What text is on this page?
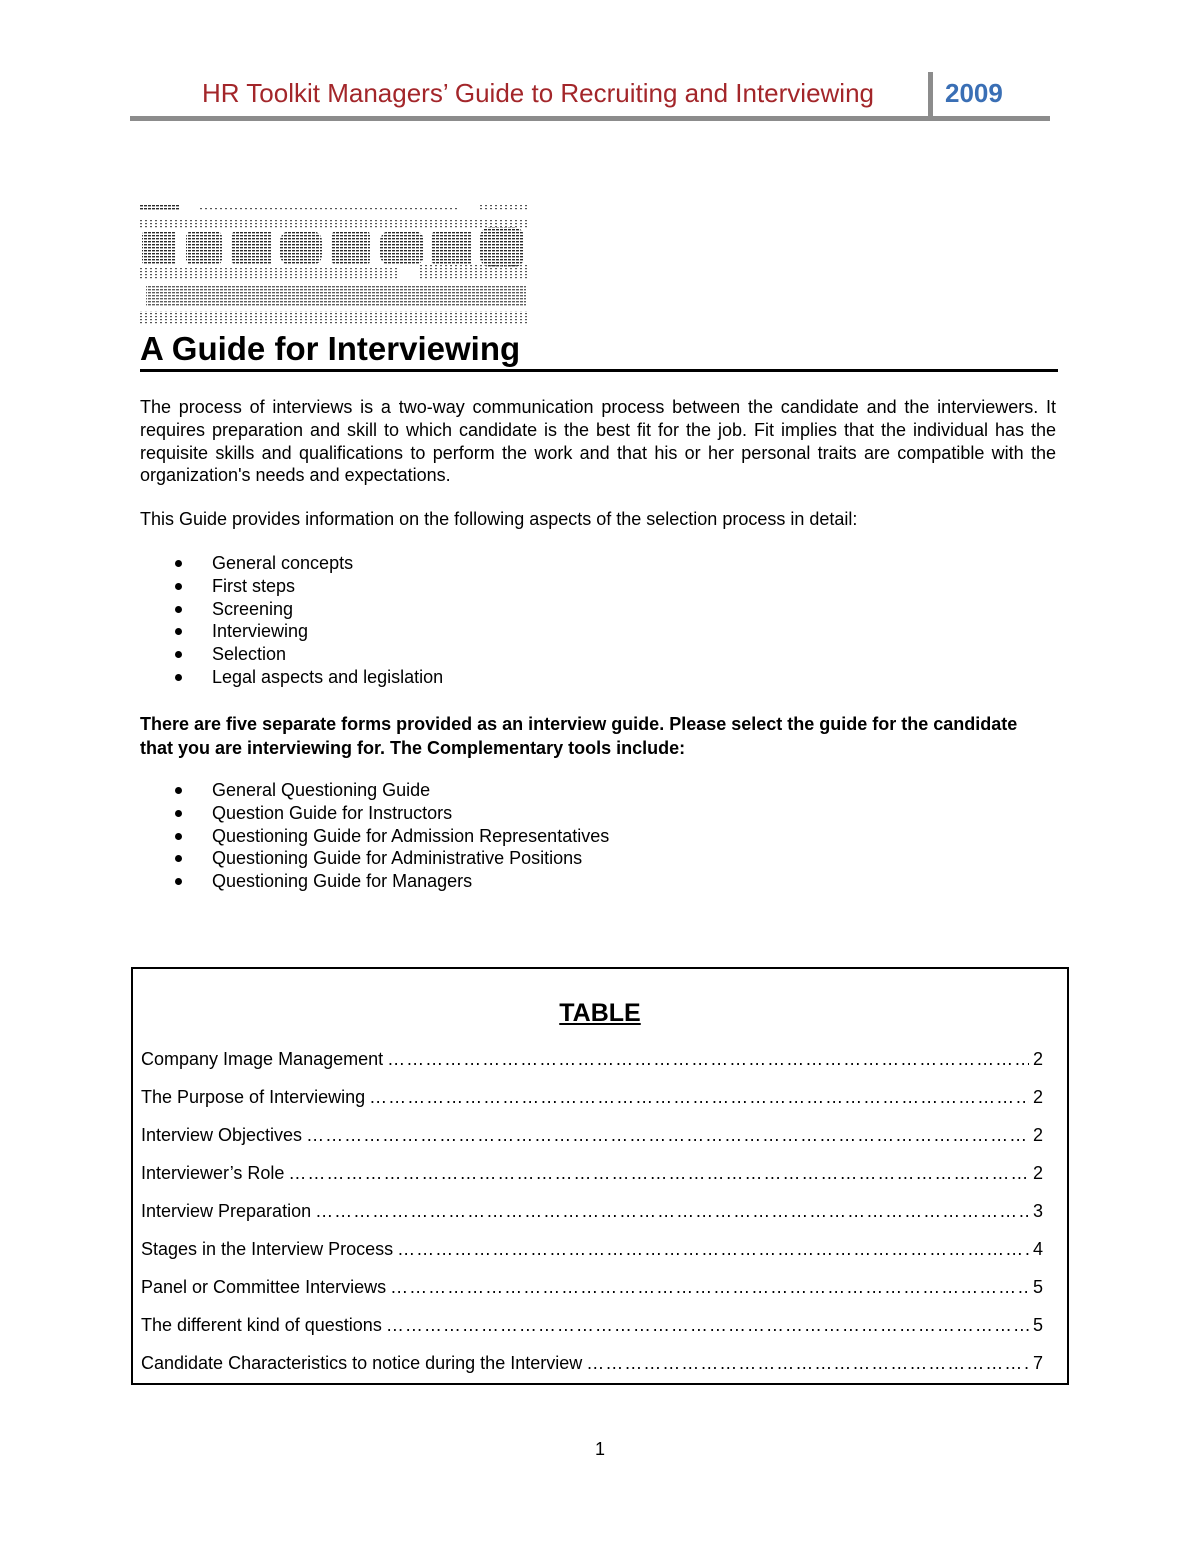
HR Toolkit Managers’ Guide to Recruiting and Interviewing	2009
A Guide for Interviewing
The process of interviews is a two-way communication process between the candidate and the interviewers. It requires preparation and skill to which candidate is the best fit for the job. Fit implies that the individual has the requisite skills and qualifications to perform the work and that his or her personal traits are compatible with the organization's needs and expectations.
This Guide provides information on the following aspects of the selection process in detail:
General concepts
First steps
Screening
Interviewing
Selection
Legal aspects and legislation
There are five separate forms provided as an interview guide. Please select the guide for the candidate that you are interviewing for. The Complementary tools include:
General Questioning Guide
Question Guide for Instructors
Questioning Guide for Admission Representatives
Questioning Guide for Administrative Positions
Questioning Guide for Managers
TABLE
Company Image Management ………………………………………………………………………………………………………………………………………………………………………………………………………………………………	2
The Purpose of Interviewing ………………………………………………………………………………………………………………………………………………………………………………………………………………………………	2
Interview Objectives ………………………………………………………………………………………………………………………………………………………………………………………………………………………………	2
Interviewer’s Role ………………………………………………………………………………………………………………………………………………………………………………………………………………………………	2
Interview Preparation ………………………………………………………………………………………………………………………………………………………………………………………………………………………………	3
Stages in the Interview Process ………………………………………………………………………………………………………………………………………………………………………………………………………………………………	4
Panel or Committee Interviews ………………………………………………………………………………………………………………………………………………………………………………………………………………………………	5
The different kind of questions ………………………………………………………………………………………………………………………………………………………………………………………………………………………………	5
Candidate Characteristics to notice during the Interview ………………………………………………………………………………………………………………………………………………………………………………………………………………………………	7
1
